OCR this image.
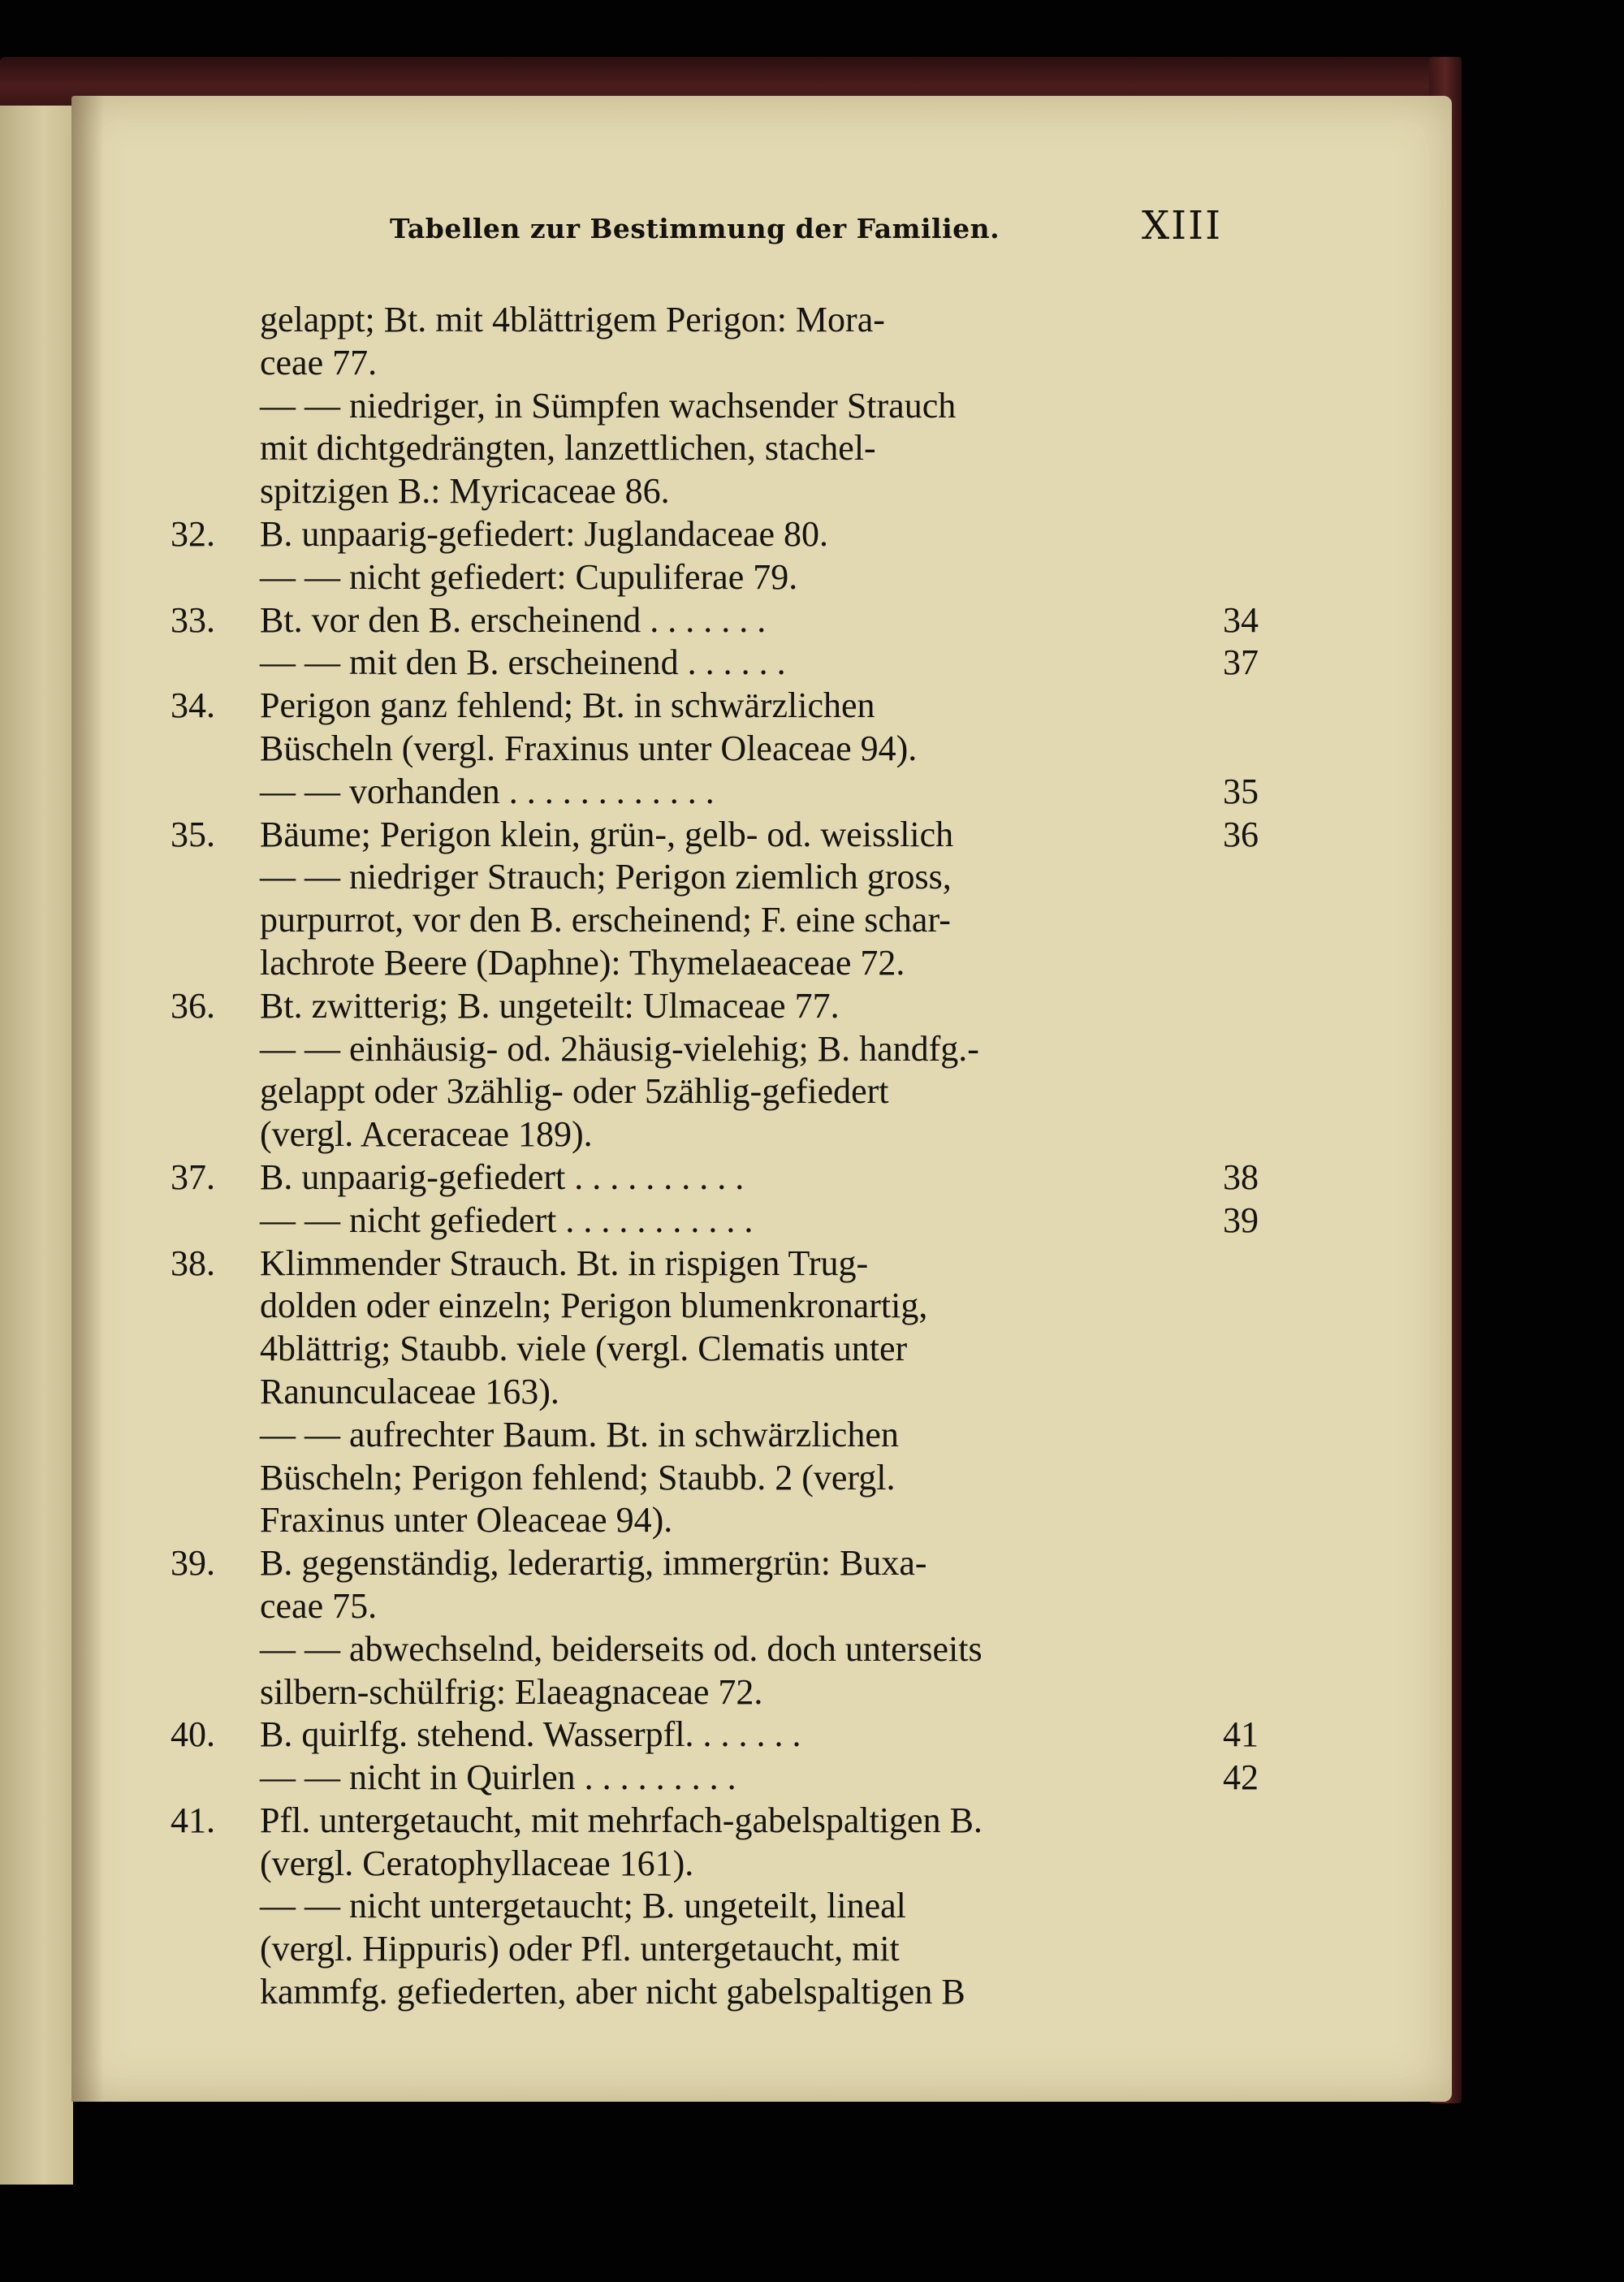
Tabellen zur Bestimmung der Familien.	XIII
gelappt; Bt. mit 4blättrigem Perigon: Mora-
ceae 77.
— — niedriger, in Sümpfen wachsender Strauch
mit dichtgedrängten, lanzettlichen, stachel-
spitzigen B.: Myricaceae 86.
32.	B. unpaarig-gefiedert: Juglandaceae 80.
— — nicht gefiedert: Cupuliferae 79.
33.	Bt. vor den B. erscheinend . . . . . . .	34
— — mit den B. erscheinend . . . . . .	37
34.	Perigon ganz fehlend; Bt. in schwärzlichen
Büscheln (vergl. Fraxinus unter Oleaceae 94).
— — vorhanden . . . . . . . . . . . .	35
35.	Bäume; Perigon klein, grün-, gelb- od. weisslich	36
— — niedriger Strauch; Perigon ziemlich gross,
purpurrot, vor den B. erscheinend; F. eine schar-
lachrote Beere (Daphne): Thymelaeaceae 72.
36.	Bt. zwitterig; B. ungeteilt: Ulmaceae 77.
— — einhäusig- od. 2häusig-vielehig; B. handfg.-
gelappt oder 3zählig- oder 5zählig-gefiedert
(vergl. Aceraceae 189).
37.	B. unpaarig-gefiedert . . . . . . . . . .	38
— — nicht gefiedert . . . . . . . . . . .	39
38.	Klimmender Strauch. Bt. in rispigen Trug-
dolden oder einzeln; Perigon blumenkronartig,
4blättrig; Staubb. viele (vergl. Clematis unter
Ranunculaceae 163).
— — aufrechter Baum. Bt. in schwärzlichen
Büscheln; Perigon fehlend; Staubb. 2 (vergl.
Fraxinus unter Oleaceae 94).
39.	B. gegenständig, lederartig, immergrün: Buxa-
ceae 75.
— — abwechselnd, beiderseits od. doch unterseits
silbern-schülfrig: Elaeagnaceae 72.
40.	B. quirlfg. stehend. Wasserpfl. . . . . . .	41
— — nicht in Quirlen . . . . . . . . .	42
41.	Pfl. untergetaucht, mit mehrfach-gabelspaltigen B.
(vergl. Ceratophyllaceae 161).
— — nicht untergetaucht; B. ungeteilt, lineal
(vergl. Hippuris) oder Pfl. untergetaucht, mit
kammfg. gefiederten, aber nicht gabelspaltigen B
